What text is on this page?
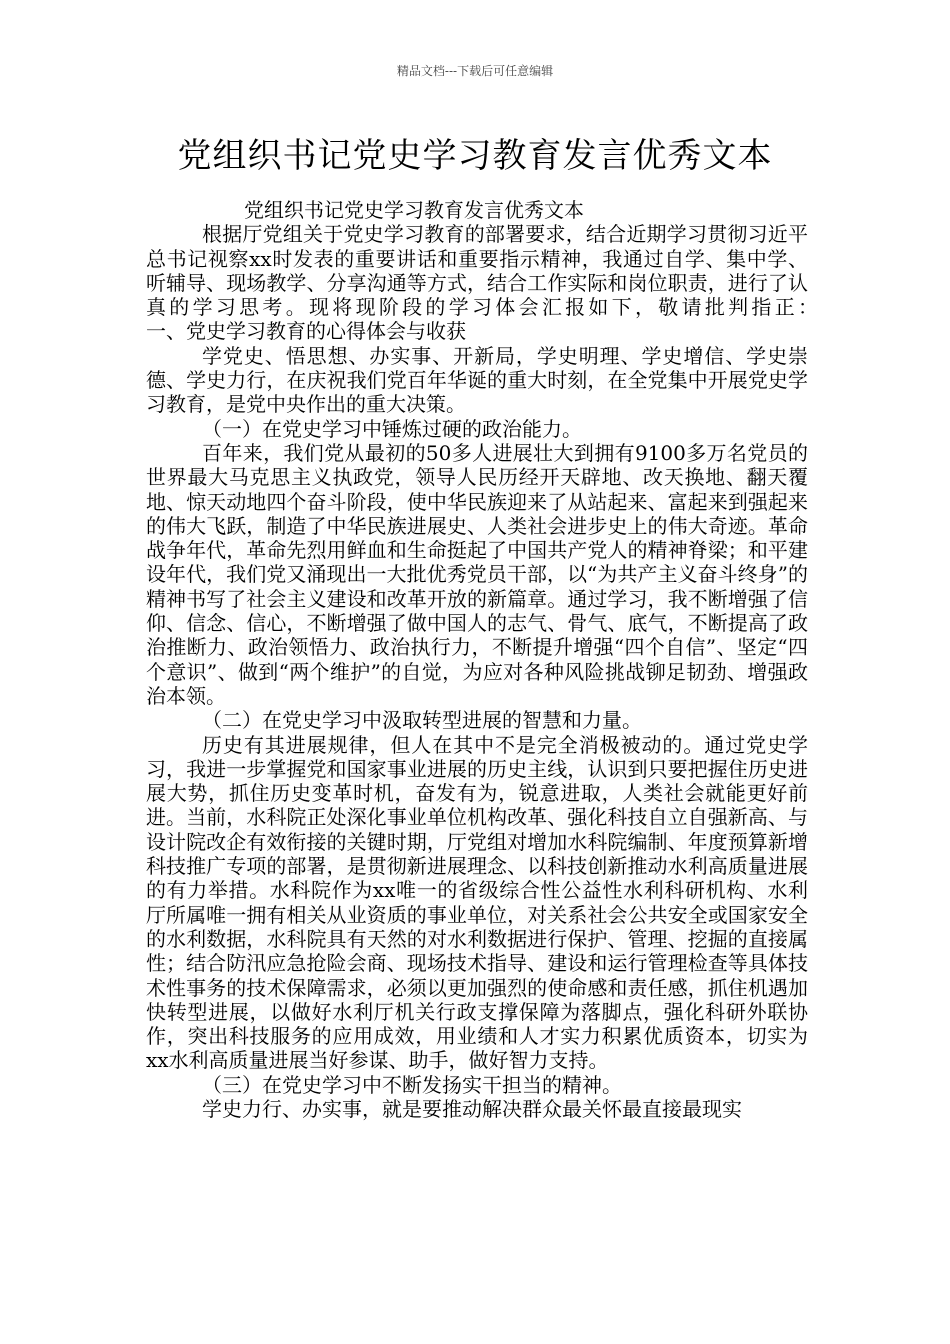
精品文档---下载后可任意编辑
党组织书记党史学习教育发言优秀文本

党组织书记党史学习教育发言优秀文本

根据厅党组关于党史学习教育的部署要求，结合近期学习贯彻习近平总书记视察xx时发表的重要讲话和重要指示精神，我通过自学、集中学、听辅导、现场教学、分享沟通等方式，结合工作实际和岗位职责，进行了认真的学习思考。现将现阶段的学习体会汇报如下，敬请批判指正：　　　　一、党史学习教育的心得体会与收获

学党史、悟思想、办实事、开新局，学史明理、学史增信、学史崇德、学史力行，在庆祝我们党百年华诞的重大时刻，在全党集中开展党史学习教育，是党中央作出的重大决策。

（一）在党史学习中锤炼过硬的政治能力。

百年来，我们党从最初的50多人进展壮大到拥有9100多万名党员的世界最大马克思主义执政党，领导人民历经开天辟地、改天换地、翻天覆地、惊天动地四个奋斗阶段，使中华民族迎来了从站起来、富起来到强起来的伟大飞跃，制造了中华民族进展史、人类社会进步史上的伟大奇迹。革命战争年代，革命先烈用鲜血和生命挺起了中国共产党人的精神脊梁；和平建设年代，我们党又涌现出一大批优秀党员干部，以“为共产主义奋斗终身”的精神书写了社会主义建设和改革开放的新篇章。通过学习，我不断增强了信仰、信念、信心，不断增强了做中国人的志气、骨气、底气，不断提高了政治推断力、政治领悟力、政治执行力，不断提升增强“四个自信”、坚定“四个意识”、做到“两个维护”的自觉，为应对各种风险挑战铆足韧劲、增强政治本领。

（二）在党史学习中汲取转型进展的智慧和力量。

历史有其进展规律，但人在其中不是完全消极被动的。通过党史学习，我进一步掌握党和国家事业进展的历史主线，认识到只要把握住历史进展大势，抓住历史变革时机，奋发有为，锐意进取，人类社会就能更好前进。当前，水科院正处深化事业单位机构改革、强化科技自立自强新高、与设计院改企有效衔接的关键时期，厅党组对增加水科院编制、年度预算新增科技推广专项的部署，是贯彻新进展理念、以科技创新推动水利高质量进展的有力举措。水科院作为xx唯一的省级综合性公益性水利科研机构、水利厅所属唯一拥有相关从业资质的事业单位，对关系社会公共安全或国家安全的水利数据，水科院具有天然的对水利数据进行保护、管理、挖掘的直接属性；结合防汛应急抢险会商、现场技术指导、建设和运行管理检查等具体技术性事务的技术保障需求，必须以更加强烈的使命感和责任感，抓住机遇加快转型进展，以做好水利厅机关行政支撑保障为落脚点，强化科研外联协作，突出科技服务的应用成效，用业绩和人才实力积累优质资本，切实为xx水利高质量进展当好参谋、助手，做好智力支持。

（三）在党史学习中不断发扬实干担当的精神。

学史力行、办实事，就是要推动解决群众最关怀最直接最现实
